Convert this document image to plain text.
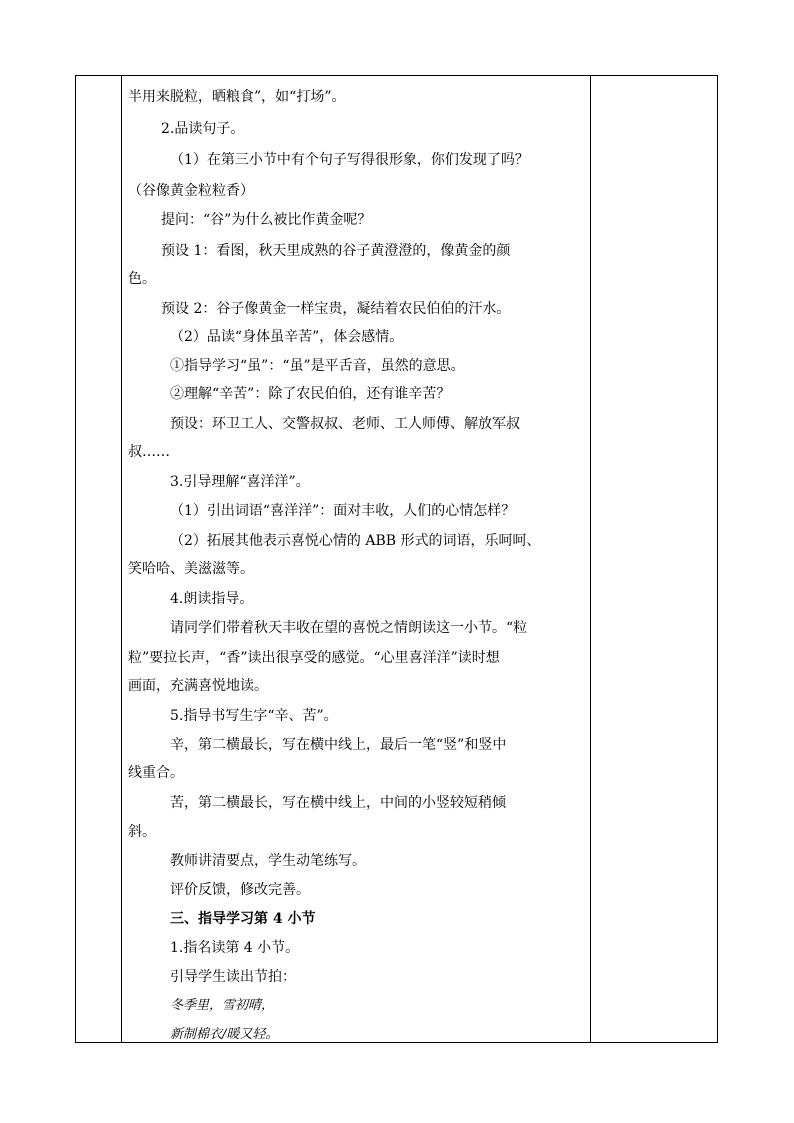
半用来脱粒，晒粮食”，如“打场”。
2.品读句子。
（1）在第三小节中有个句子写得很形象，你们发现了吗？
（谷像黄金粒粒香）
提问：“谷”为什么被比作黄金呢？
预设 1：看图，秋天里成熟的谷子黄澄澄的，像黄金的颜
色。
预设 2：谷子像黄金一样宝贵，凝结着农民伯伯的汗水。
（2）品读“身体虽辛苦”，体会感情。
①指导学习“虽”：“虽”是平舌音，虽然的意思。
②理解“辛苦”：除了农民伯伯，还有谁辛苦？
预设：环卫工人、交警叔叔、老师、工人师傅、解放军叔
叔……
3.引导理解“喜洋洋”。
（1）引出词语“喜洋洋”：面对丰收，人们的心情怎样？
（2）拓展其他表示喜悦心情的 ABB 形式的词语，乐呵呵、
笑哈哈、美滋滋等。
4.朗读指导。
请同学们带着秋天丰收在望的喜悦之情朗读这一小节。“粒
粒”要拉长声，“香”读出很享受的感觉。“心里喜洋洋”读时想
画面，充满喜悦地读。
5.指导书写生字“辛、苦”。
辛，第二横最长，写在横中线上，最后一笔“竖”和竖中
线重合。
苦，第二横最长，写在横中线上，中间的小竖较短稍倾
斜。
教师讲清要点，学生动笔练写。
评价反馈，修改完善。
三、指导学习第 4 小节
1.指名读第 4 小节。
引导学生读出节拍：
冬季里，雪初晴，
新制棉衣/暖又轻。
